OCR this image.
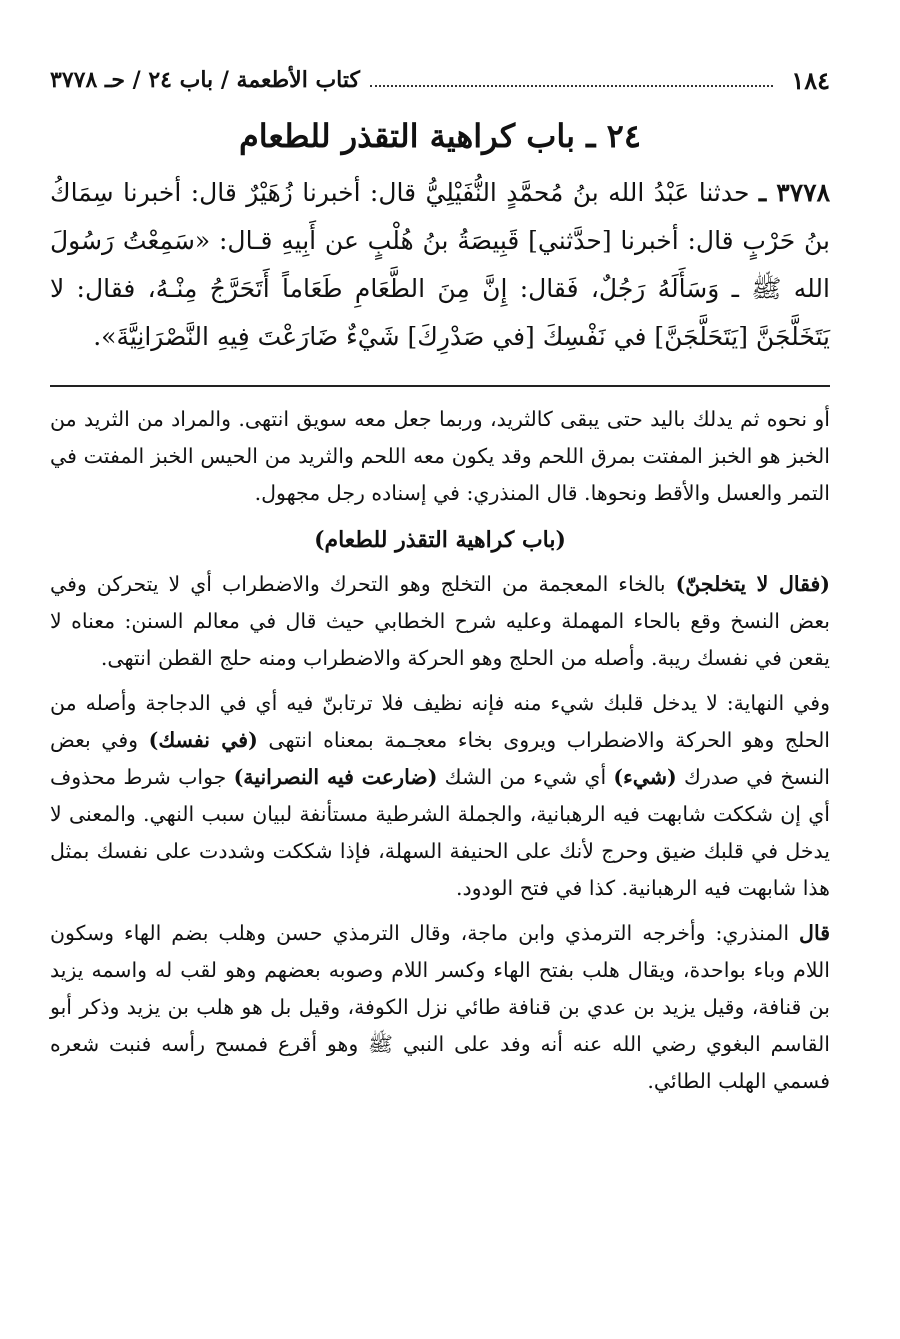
١٨٤
كتاب الأطعمة / باب ٢٤ / حـ ٣٧٧٨
٢٤ ـ باب كراهية التقذر للطعام
٣٧٧٨ ـ حدثنا عَبْدُ الله بنُ مُحمَّدٍ النُّفَيْلِيُّ قال: أخبرنا زُهَيْرٌ قال: أخبرنا سِمَاكُ بنُ حَرْبٍ قال: أخبرنا [حدَّثني] قَبِيصَةُ بنُ هُلْبٍ عن أَبِيهِ قـال: «سَمِعْتُ رَسُولَ الله ﷺ ـ وَسَأَلَهُ رَجُلٌ، فَقال: إِنَّ مِنَ الطَّعَامِ طَعَاماً أَتَحَرَّجُ مِنْـهُ، فقال: لا يَتَخَلَّجَنَّ [يَتَحَلَّجَنَّ] في نَفْسِكَ [في صَدْرِكَ] شَيْءٌ ضَارَعْتَ فِيهِ النَّصْرَانِيَّةَ».

أو نحوه ثم يدلك باليد حتى يبقى كالثريد، وربما جعل معه سويق انتهى. والمراد من الثريد من الخبز هو الخبز المفتت بمرق اللحم وقد يكون معه اللحم والثريد من الحيس الخبز المفتت في التمر والعسل والأقط ونحوها. قال المنذري: في إسناده رجل مجهول.

(باب كراهية التقذر للطعام)

(فقال لا يتخلجنّ) بالخاء المعجمة من التخلج وهو التحرك والاضطراب أي لا يتحركن وفي بعض النسخ وقع بالحاء المهملة وعليه شرح الخطابي حيث قال في معالم السنن: معناه لا يقعن في نفسك ريبة. وأصله من الحلج وهو الحركة والاضطراب ومنه حلج القطن انتهى.

وفي النهاية: لا يدخل قلبك شيء منه فإنه نظيف فلا ترتابنّ فيه أي في الدجاجة وأصله من الحلج وهو الحركة والاضطراب ويروى بخاء معجـمة بمعناه انتهى (في نفسك) وفي بعض النسخ في صدرك (شيء) أي شيء من الشك (ضارعت فيه النصرانية) جواب شرط محذوف أي إن شككت شابهت فيه الرهبانية، والجملة الشرطية مستأنفة لبيان سبب النهي. والمعنى لا يدخل في قلبك ضيق وحرج لأنك على الحنيفة السهلة، فإذا شككت وشددت على نفسك بمثل هذا شابهت فيه الرهبانية. كذا في فتح الودود.

قال المنذري: وأخرجه الترمذي وابن ماجة، وقال الترمذي حسن وهلب بضم الهاء وسكون اللام وباء بواحدة، ويقال هلب بفتح الهاء وكسر اللام وصوبه بعضهم وهو لقب له واسمه يزيد بن قنافة، وقيل يزيد بن عدي بن قنافة طائي نزل الكوفة، وقيل بل هو هلب بن يزيد وذكر أبو القاسم البغوي رضي الله عنه أنه وفد على النبي ﷺ وهو أقرع فمسح رأسه فنبت شعره فسمي الهلب الطائي.
